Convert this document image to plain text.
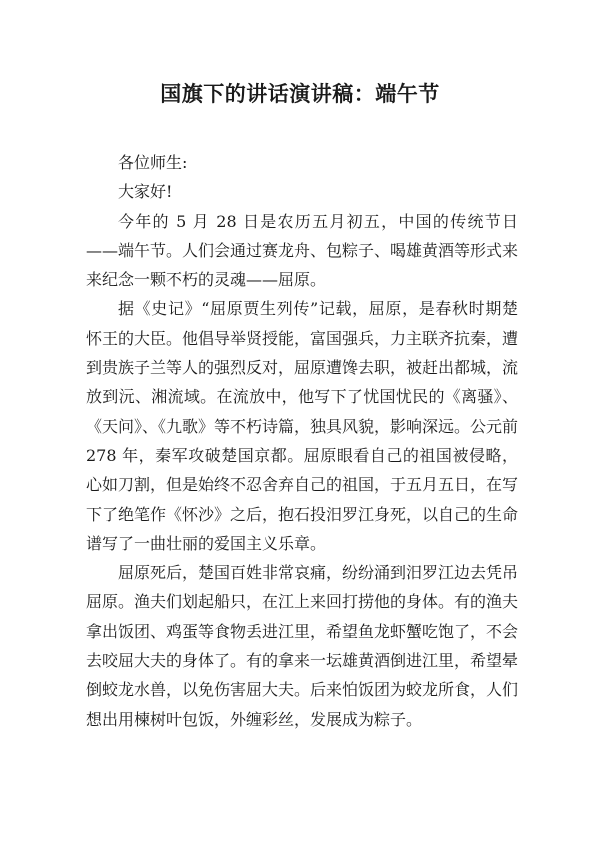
国旗下的讲话演讲稿：端午节

各位师生:

大家好!

今年的 5 月 28 日是农历五月初五，中国的传统节日——端午节。人们会通过赛龙舟、包粽子、喝雄黄酒等形式来来纪念一颗不朽的灵魂——屈原。

据《史记》“屈原贾生列传”记载，屈原，是春秋时期楚怀王的大臣。他倡导举贤授能，富国强兵，力主联齐抗秦，遭到贵族子兰等人的强烈反对，屈原遭馋去职，被赶出都城，流放到沅、湘流域。在流放中，他写下了忧国忧民的《离骚》、《天问》、《九歌》等不朽诗篇，独具风貌，影响深远。公元前 278 年，秦军攻破楚国京都。屈原眼看自己的祖国被侵略，心如刀割，但是始终不忍舍弃自己的祖国，于五月五日，在写下了绝笔作《怀沙》之后，抱石投汨罗江身死，以自己的生命谱写了一曲壮丽的爱国主义乐章。

屈原死后，楚国百姓非常哀痛，纷纷涌到汨罗江边去凭吊屈原。渔夫们划起船只，在江上来回打捞他的身体。有的渔夫拿出饭团、鸡蛋等食物丢进江里，希望鱼龙虾蟹吃饱了，不会去咬屈大夫的身体了。有的拿来一坛雄黄酒倒进江里，希望晕倒蛟龙水兽，以免伤害屈大夫。后来怕饭团为蛟龙所食，人们想出用楝树叶包饭，外缠彩丝，发展成为粽子。
